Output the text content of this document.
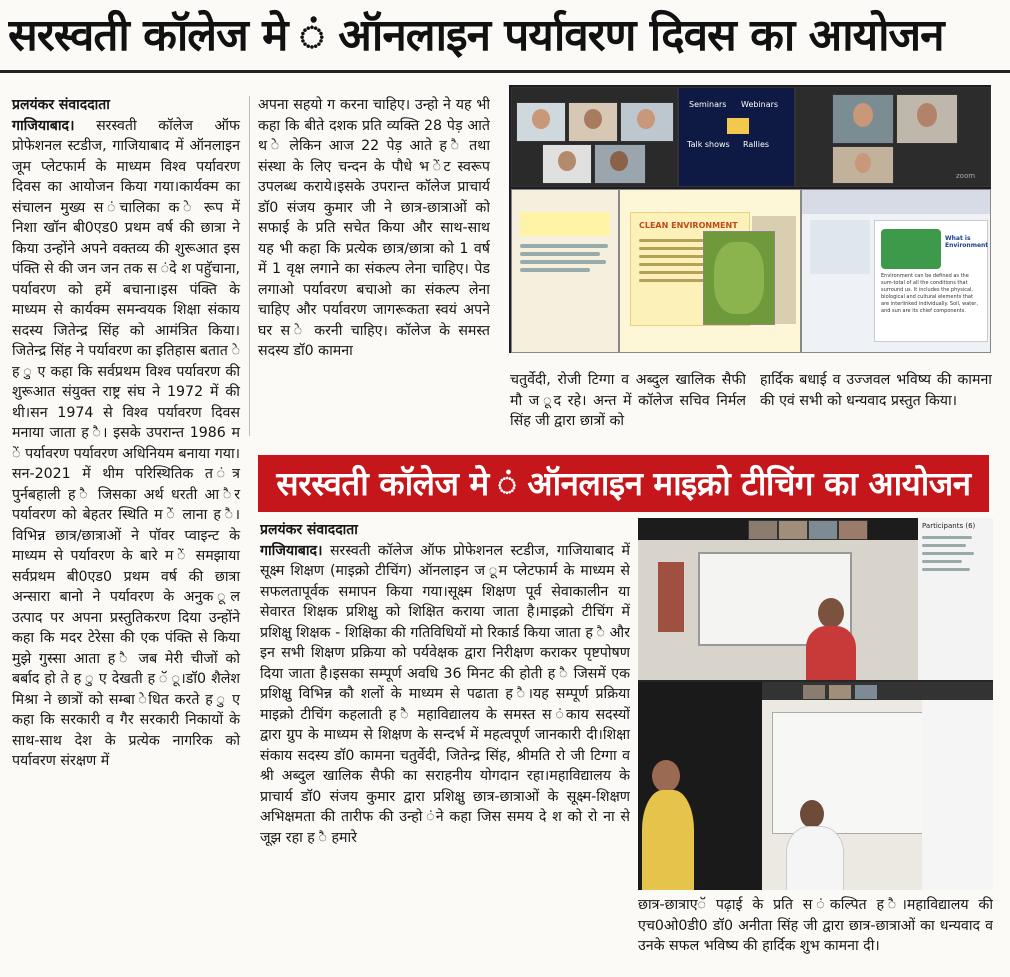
सरस्वती कॉलेज मे ं ऑनलाइन पर्यावरण दिवस का आयोजन
प्रलयंकर संवाददाता

गाजियाबाद। सरस्वती कॉलेज ऑफ प्रोफेशनल स्टडीज, गाजियाबाद में ऑनलाइन जूम प्लेटफार्म के माध्यम विश्व पर्यावरण दिवस का आयोजन किया गया।कार्यक्म का संचालन मुख्य स ंचालिका क े रूप में निशा खॉन बी0एड0 प्रथम वर्ष की छात्रा ने किया उन्होंने अपने वक्तव्य की शुरूआत इस पंक्ति से की जन जन तक स ंदे श पहुॅचाना, पर्यावरण को हमें बचाना।इस पंक्ति के माध्यम से कार्यक्म समन्वयक शिक्षा संकाय सदस्य जितेन्द्र सिंह को आमंत्रित किया।जितेन्द्र सिंह ने पर्यावरण का इतिहास बतात े ह ु ए कहा कि सर्वप्रथम विश्व पर्यावरण की शुरूआत संयुक्त राष्ट्र संघ ने 1972 में की थी।सन 1974 से विश्व पर्यावरण दिवस मनाया जाता ह ै। इसके उपरान्त 1986 म ें पर्यावरण पर्यावरण अधिनियम बनाया गया।सन-2021 में थीम परिस्थितिक त ंत्र पुर्नबहाली ह ै जिसका अर्थ धरती आ ैर पर्यावरण को बेहतर स्थिति म ें लाना ह ै।विभिन्न छात्र/छात्राओं ने पॉवर प्वाइन्ट के माध्यम से पर्यावरण के बारे म ें समझाया सर्वप्रथम बी0एड0 प्रथम वर्ष की छात्रा अन्सारा बानो ने पर्यावरण के अनुक ूल उत्पाद पर अपना प्रस्तुतिकरण दिया उन्होंने कहा कि मदर टेरेसा की एक पंक्ति से किया मुझे गुस्सा आता ह ै जब मेरी चीजों को बर्बाद हो ते ह ु ए देखती ह ॅ ू।डॉ0 शैलेश मिश्रा ने छात्रों को सम्बा ेधित करते ह ु ए कहा कि सरकारी व गैर सरकारी निकायों के साथ-साथ देश के प्रत्येक नागरिक को पर्यावरण संरक्षण में

अपना सहयो ग करना चाहिए। उन्हो ने यह भी कहा कि बीते दशक प्रति व्यक्ति 28 पेड़ आते थ े लेकिन आज 22 पेड़ आते ह ै तथा संस्था के लिए चन्दन के पौधे भ ेंट स्वरूप उपलब्ध कराये।इसके उपरान्त कॉलेज प्राचार्य डॉ0 संजय कुमार जी ने छात्र-छात्राओं को सफाई के प्रति सचेत किया और साथ-साथ यह भी कहा कि प्रत्येक छात्र/छात्रा को 1 वर्ष में 1 वृक्ष लगाने का संकल्प लेना चाहिए। पेड लगाओ पर्यावरण बचाओ का संकल्प लेना चाहिए और पर्यावरण जागरूकता स्वयं अपने घर स े करनी चाहिए। कॉलेज के समस्त सदस्य डॉ0 कामना

Seminars Webinars
Talk shows Rallies
zoom
CLEAN ENVIRONMENT
What is Environment
Environment can be defined as the sum-total of all the conditions that surround us. It includes the physical, biological and cultural elements that are interlinked individually. Soil, water, and sun are its chief components.

चतुर्वेदी, रोजी टिग्गा व अब्दुल खालिक सैफी मौ ज ूद रहे। अन्त में कॉलेज सचिव निर्मल सिंह जी द्वारा छात्रों को

हार्दिक बधाई व उज्जवल भविष्य की कामना की एवं सभी को धन्यवाद प्रस्तुत किया।

सरस्वती कॉलेज मे ं ऑनलाइन माइक्रो टीचिंग का आयोजन
प्रलयंकर संवाददाता

गाजियाबाद। सरस्वती कॉलेज ऑफ प्रोफेशनल स्टडीज, गाजियाबाद में सूक्ष्म शिक्षण (माइक्रो टीचिंग) ऑनलाइन ज ूम प्लेटफार्म के माध्यम से सफलतापूर्वक समापन किया गया।सूक्ष्म शिक्षण पूर्व सेवाकालीन या सेवारत शिक्षक प्रशिक्षु को शिक्षित कराया जाता है।माइक्रो टीचिंग में प्रशिक्षु शिक्षक - शिक्षिका की गतिविधियों मो रिकार्ड किया जाता ह ै और इन सभी शिक्षण प्रक्रिया को पर्यवेक्षक द्वारा निरीक्षण कराकर पृष्टपोषण दिया जाता है।इसका सम्पूर्ण अवधि 36 मिनट की होती ह ै जिसमें एक प्रशिक्षु विभिन्न कौ शलों के माध्यम से पढाता ह ै।यह सम्पूर्ण प्रक्रिया माइक्रो टीचिंग कहलाती ह ै महाविद्यालय के समस्त स ंकाय सदस्यों द्वारा ग्रुप के माध्यम से शिक्षण के सन्दर्भ में महत्वपूर्ण जानकारी दी।शिक्षा संकाय सदस्य डॉ0 कामना चतुर्वेदी, जितेन्द्र सिंह, श्रीमति रो जी टिग्गा व श्री अब्दुल खालिक सैफी का सराहनीय योगदान रहा।महाविद्यालय के प्राचार्य डॉ0 संजय कुमार द्वारा प्रशिक्षु छात्र-छात्राओं के सूक्ष्म-शिक्षण अभिक्षमता की तारीफ की उन्हो ंने कहा जिस समय दे श को रो ना से जूझ रहा ह ै हमारे

Participants (6)

छात्र-छात्राएॅ पढ़ाई के प्रति स ंकल्पित ह ै।महाविद्यालय की एच0ओ0डी0 डॉ0 अनीता सिंह जी द्वारा छात्र-छात्राओं का धन्यवाद व उनके सफल भविष्य की हार्दिक शुभ कामना दी।
